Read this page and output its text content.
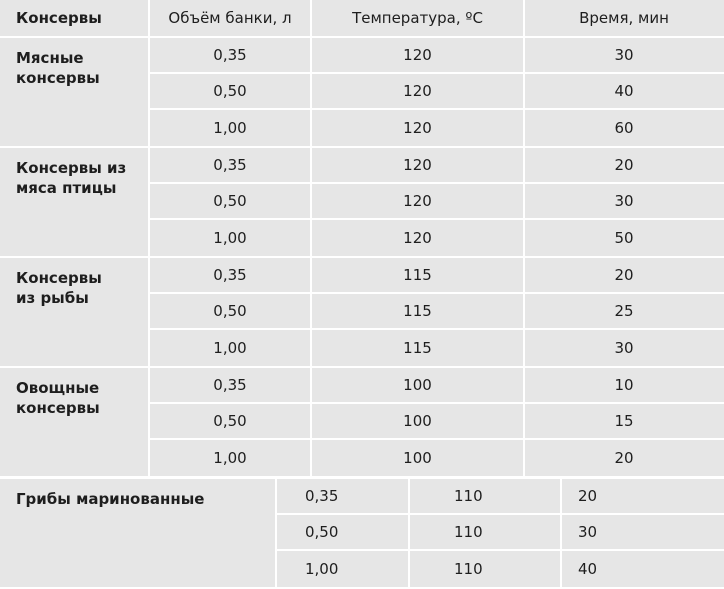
Консервы	Объём банки, л	Температура, ºС	Время, мин
Мясные
консервы
0,35	120	30
0,50	120	40
1,00	120	60
Консервы из
мяса птицы
0,35	120	20
0,50	120	30
1,00	120	50
Консервы
из рыбы
0,35	115	20
0,50	115	25
1,00	115	30
Овощные
консервы
0,35	100	10
0,50	100	15
1,00	100	20
Грибы маринованные	0,35	110	20
0,50	110	30
1,00	110	40
